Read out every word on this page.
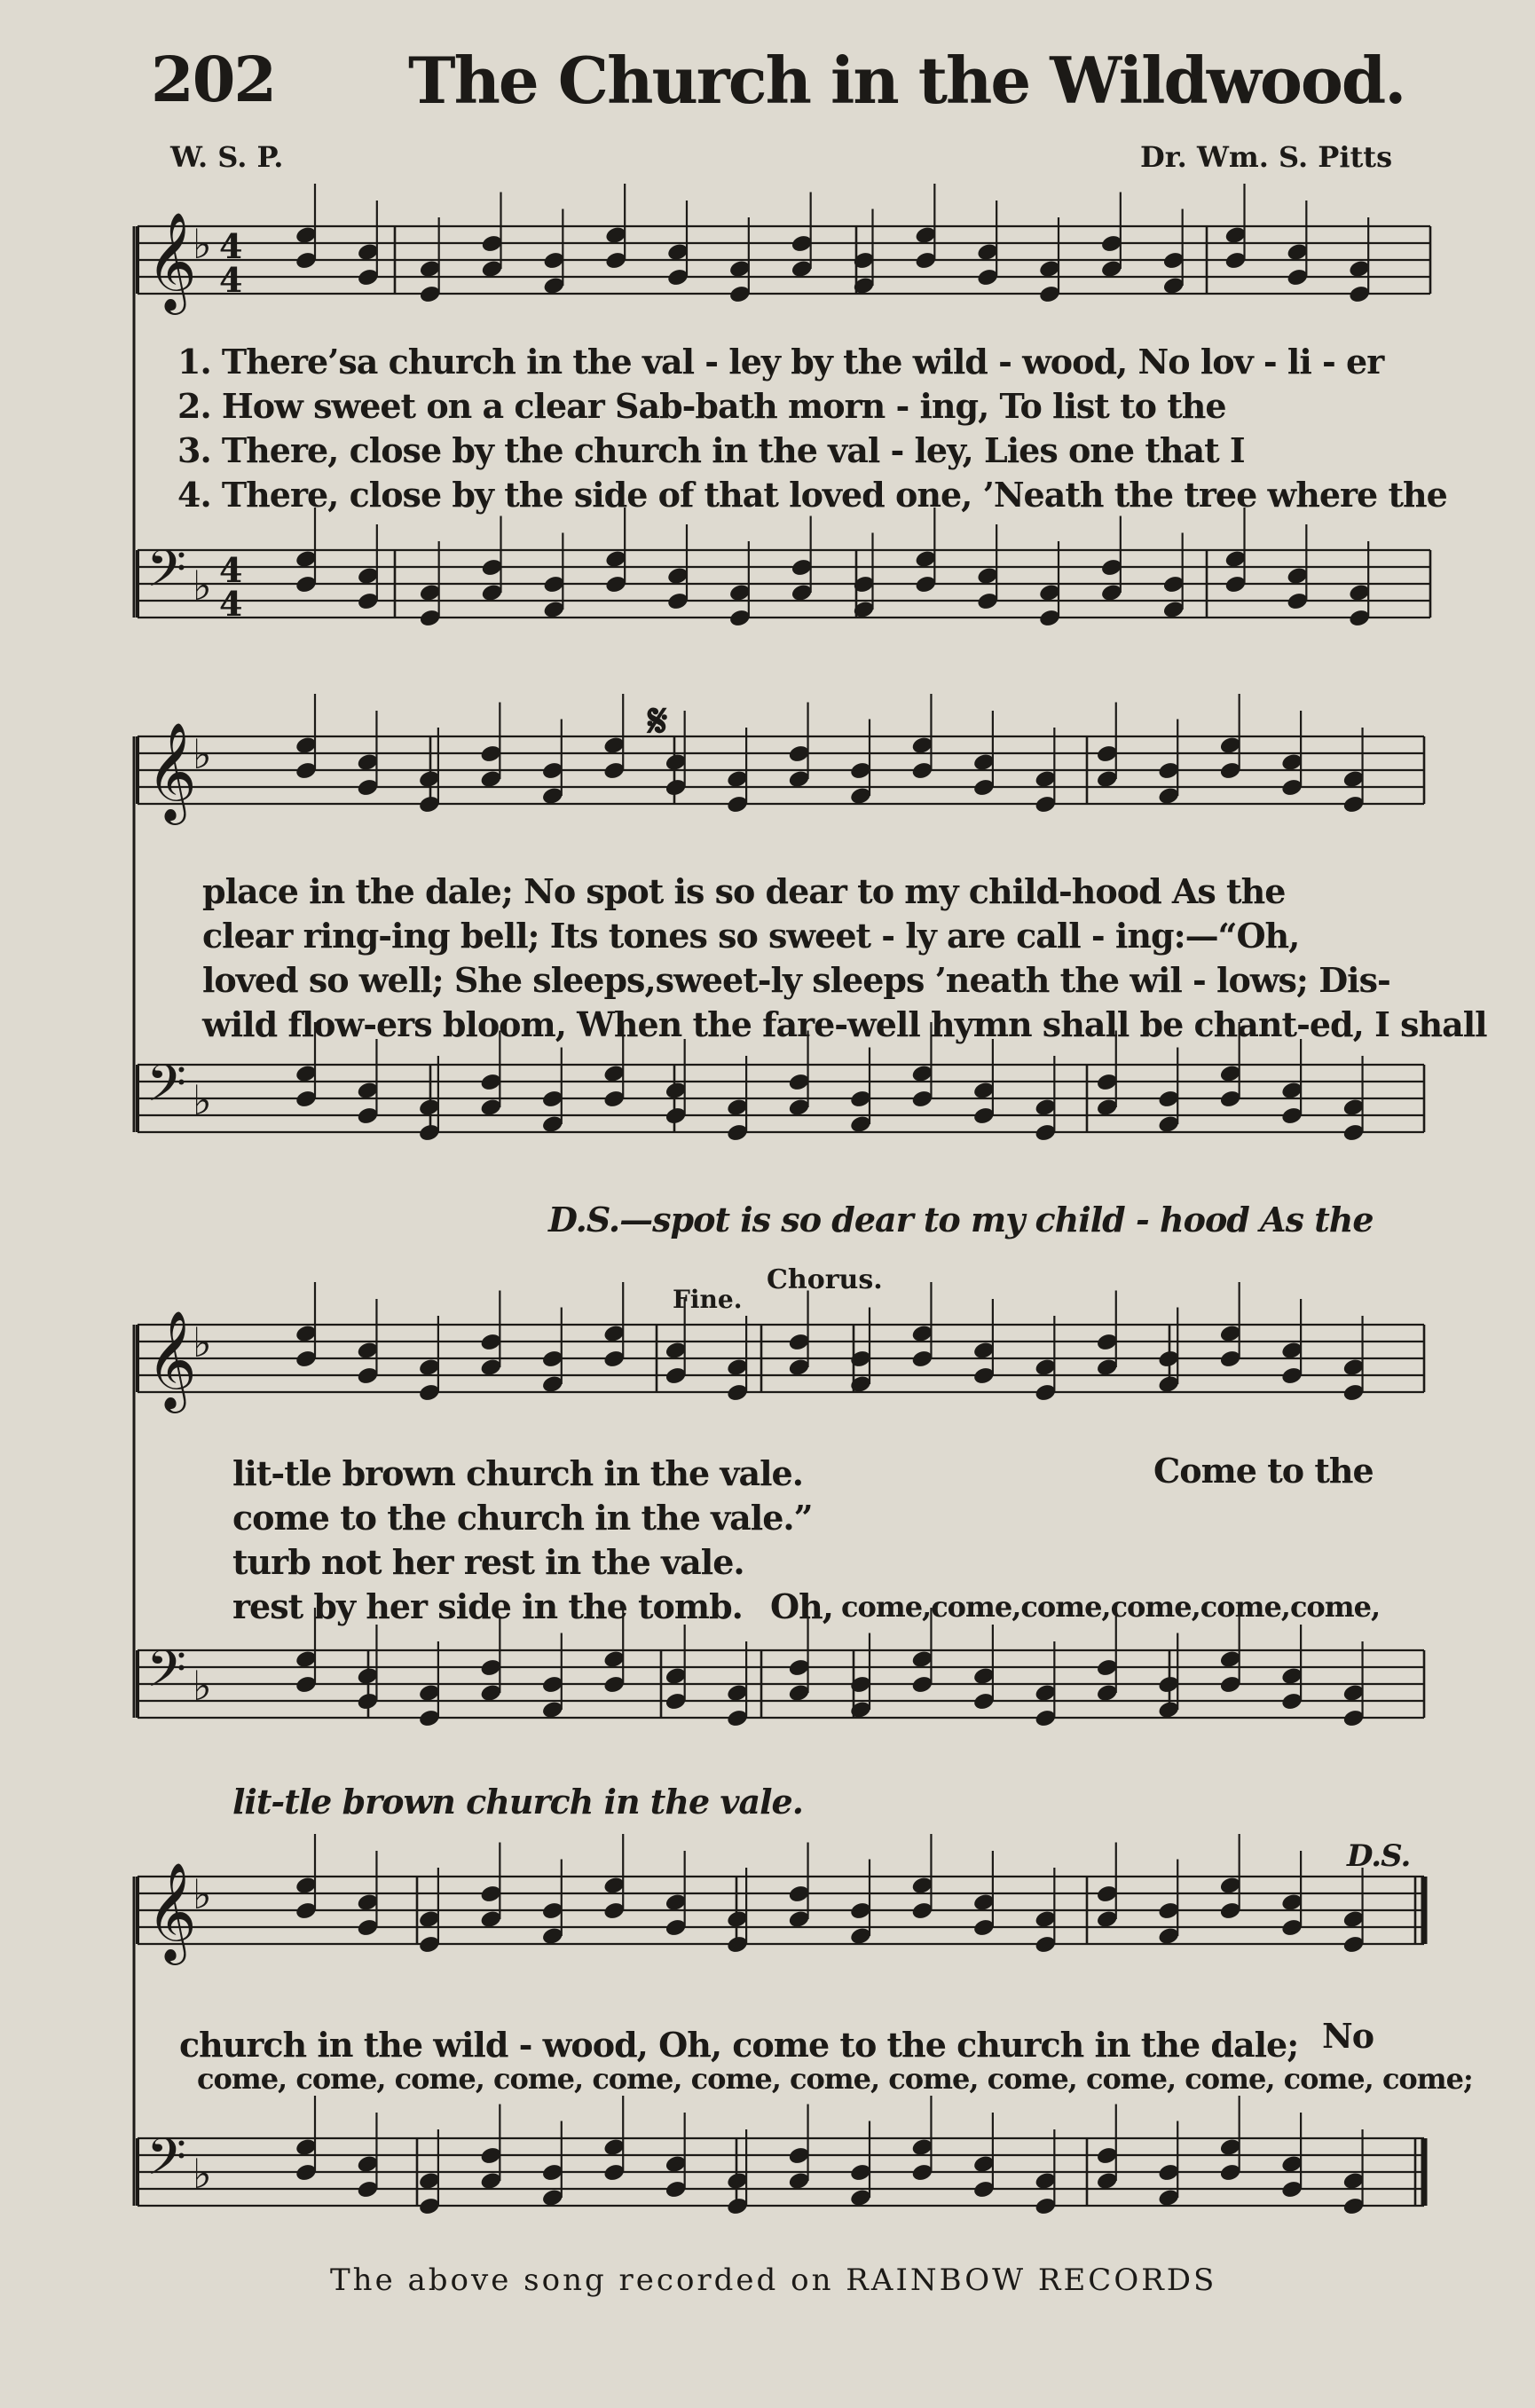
𝄞
♭ 4
4
𝄢 ♭ 4
4
𝄞
♭
𝄢 ♭
𝄞
♭
𝄢 ♭
𝄞
♭
𝄢 ♭
202 The Church in the Wildwood.
W. S. P.	Dr. Wm. S. Pitts
1. There’sa church in the val - ley by the wild - wood, No lov - li - er
2. How sweet on a clear Sab-bath morn - ing, To list to the
3. There, close by the church in the val - ley, Lies one that I
4. There, close by the side of that loved one, ’Neath the tree where the
𝄋
place in the dale; No spot is so dear to my child-hood As the
clear ring-ing bell; Its tones so sweet - ly are call - ing:—“Oh,
loved so well; She sleeps,sweet-ly sleeps ’neath the wil - lows; Dis-
wild flow-ers bloom, When the fare-well hymn shall be chant-ed, I shall
D.S.—spot is so dear to my child - hood As the
Fine.
Chorus.
lit-tle brown church in the vale.
come to the church in the vale.”
turb not her rest in the vale.
rest by her side in the tomb.
Come to the
Oh, come,come,come,come,come,come,
lit-tle brown church in the vale.
D.S.
church in the wild - wood, Oh, come to the church in the dale; No
come, come, come, come, come, come, come, come, come, come, come, come, come;
The above song recorded on RAINBOW RECORDS
